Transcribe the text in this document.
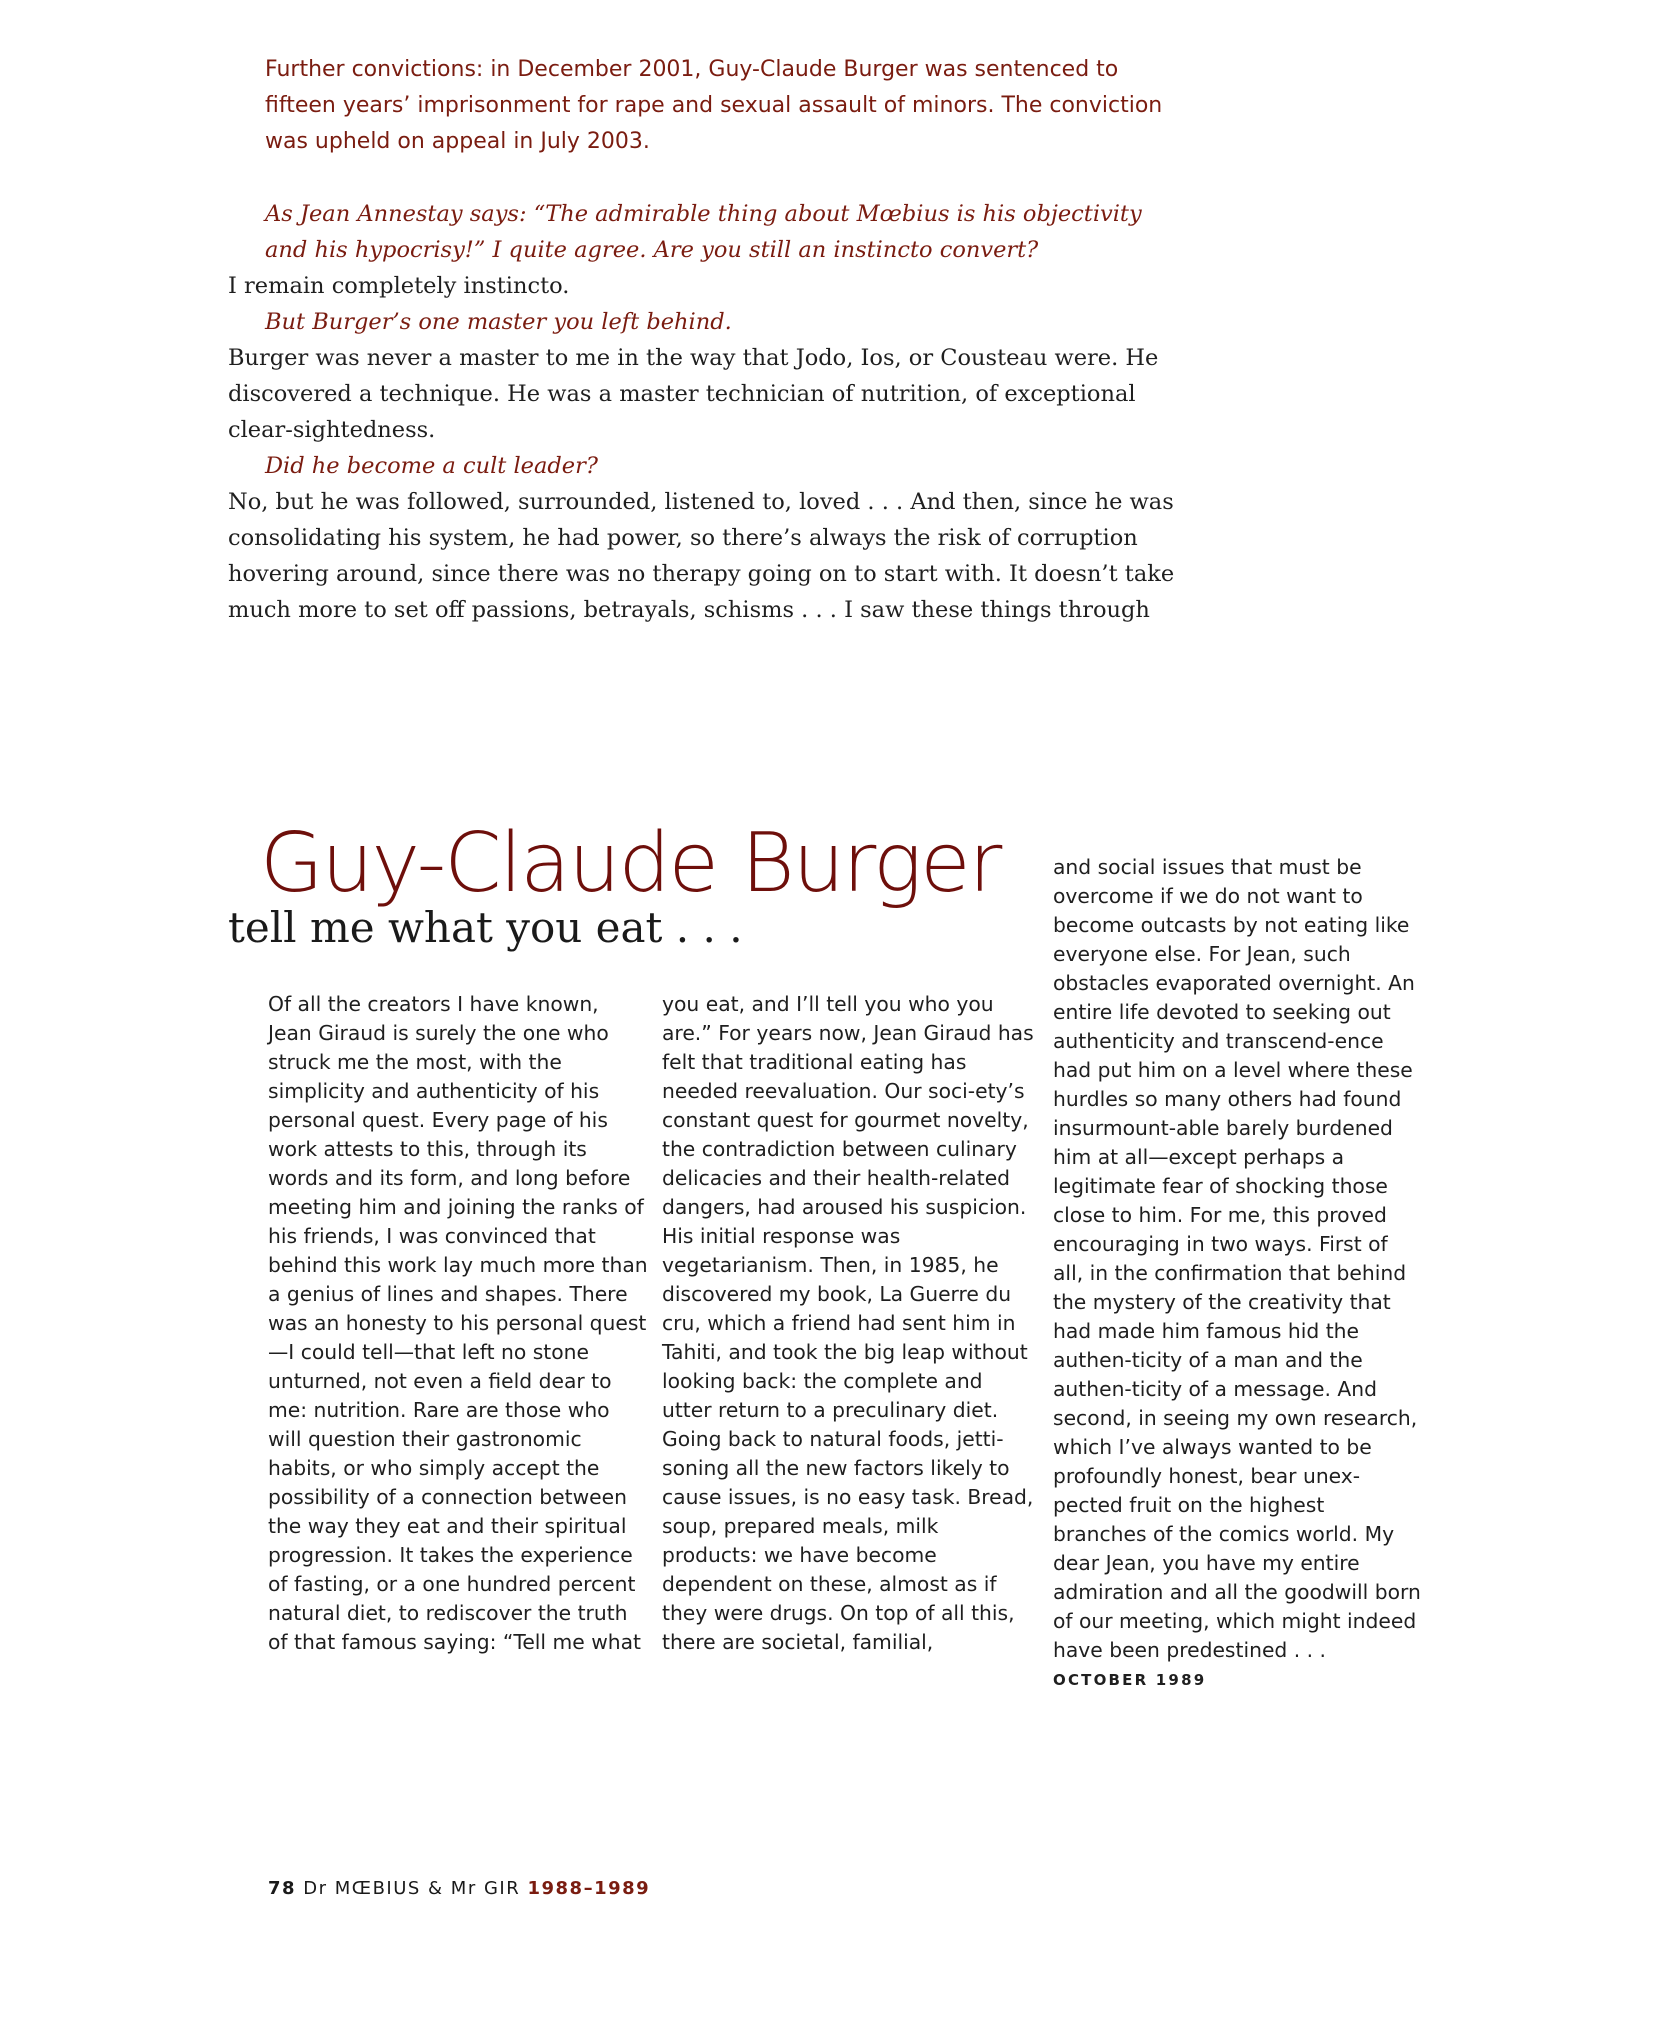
Further convictions: in December 2001, Guy-Claude Burger was sentenced to fifteen years’ imprisonment for rape and sexual assault of minors. The conviction was upheld on appeal in July 2003.

As Jean Annestay says: “The admirable thing about Mœbius is his objectivity and his hypocrisy!” I quite agree. Are you still an instincto convert?

I remain completely instincto.

But Burger’s one master you left behind.

Burger was never a master to me in the way that Jodo, Ios, or Cousteau were. He discovered a technique. He was a master technician of nutrition, of exceptional clear-sightedness.

Did he become a cult leader?

No, but he was followed, surrounded, listened to, loved . . . And then, since he was consolidating his system, he had power, so there’s always the risk of corruption hovering around, since there was no therapy going on to start with. It doesn’t take much more to set off passions, betrayals, schisms . . . I saw these things through

Guy-Claude Burger
tell me what you eat . . .

Of all the creators I have known, Jean Giraud is surely the one who struck me the most, with the simplicity and authenticity of his personal quest. Every page of his work attests to this, through its words and its form, and long before meeting him and joining the ranks of his friends, I was convinced that behind this work lay much more than a genius of lines and shapes. There was an honesty to his personal quest—I could tell—that left no stone unturned, not even a field dear to me: nutrition. Rare are those who will question their gastronomic habits, or who simply accept the possibility of a connection between the way they eat and their spiritual progression. It takes the experience of fasting, or a one hundred percent natural diet, to rediscover the truth of that famous saying: “Tell me what

you eat, and I’ll tell you who you are.” For years now, Jean Giraud has felt that traditional eating has needed reevaluation. Our soci-ety’s constant quest for gourmet novelty, the contradiction between culinary delicacies and their health-related dangers, had aroused his suspicion. His initial response was vegetarianism. Then, in 1985, he discovered my book, La Guerre du cru, which a friend had sent him in Tahiti, and took the big leap without looking back: the complete and utter return to a preculinary diet. Going back to natural foods, jetti-soning all the new factors likely to cause issues, is no easy task. Bread, soup, prepared meals, milk products: we have become dependent on these, almost as if they were drugs. On top of all this, there are societal, familial,

and social issues that must be overcome if we do not want to become outcasts by not eating like everyone else. For Jean, such obstacles evaporated overnight. An entire life devoted to seeking out authenticity and transcend-ence had put him on a level where these hurdles so many others had found insurmount-able barely burdened him at all—except perhaps a legitimate fear of shocking those close to him. For me, this proved encouraging in two ways. First of all, in the confirmation that behind the mystery of the creativity that had made him famous hid the authen-ticity of a man and the authen-ticity of a message. And second, in seeing my own research, which I’ve always wanted to be profoundly honest, bear unex-pected fruit on the highest branches of the comics world. My dear Jean, you have my entire admiration and all the goodwill born of our meeting, which might indeed have been predestined . . .

OCTOBER 1989
78 Dr MŒBIUS & Mr GIR 1988–1989
